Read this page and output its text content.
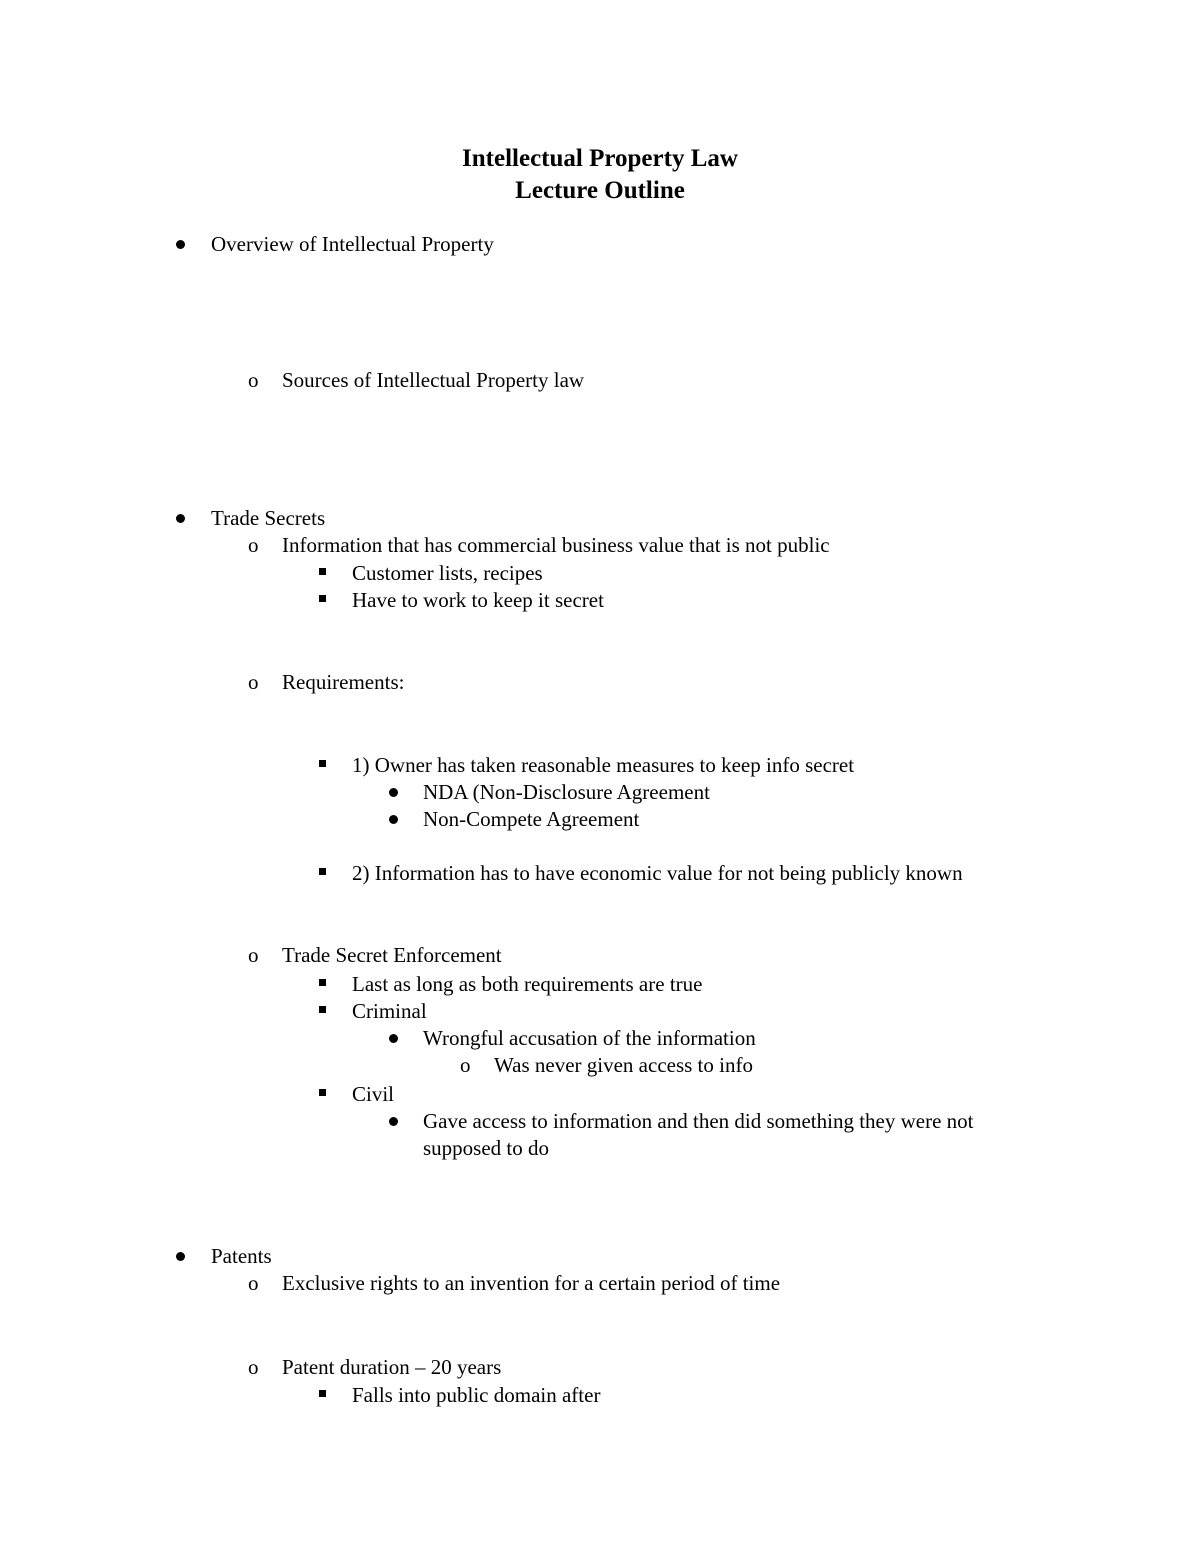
Intellectual Property Law
Lecture Outline
Overview of Intellectual Property
o Sources of Intellectual Property law
Trade Secrets
o Information that has commercial business value that is not public
Customer lists, recipes
Have to work to keep it secret
o Requirements:
1) Owner has taken reasonable measures to keep info secret
NDA (Non-Disclosure Agreement
Non-Compete Agreement
2) Information has to have economic value for not being publicly known
o Trade Secret Enforcement
Last as long as both requirements are true
Criminal
Wrongful accusation of the information
o Was never given access to info
Civil
Gave access to information and then did something they were not
supposed to do
Patents
o Exclusive rights to an invention for a certain period of time
o Patent duration – 20 years
Falls into public domain after
